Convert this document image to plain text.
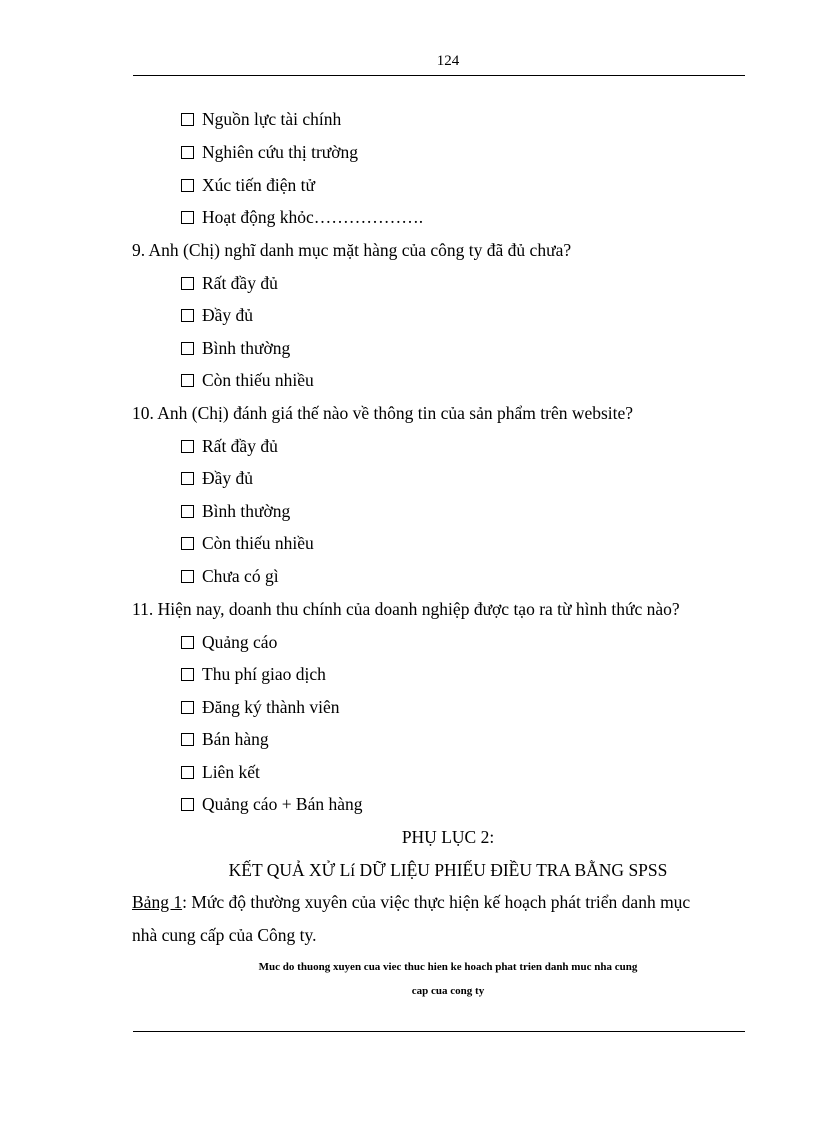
124
Nguồn lực tài chính
Nghiên cứu thị trường
Xúc tiến điện tử
Hoạt động khỏc……………….
9. Anh (Chị) nghĩ danh mục mặt hàng của công ty đã đủ chưa?
Rất đầy đủ
Đầy đủ
Bình thường
Còn thiếu nhiều
10. Anh (Chị) đánh giá thế nào về thông tin của sản phẩm trên website?
Rất đầy đủ
Đầy đủ
Bình thường
Còn thiếu nhiều
Chưa có gì
11. Hiện nay, doanh thu chính của doanh nghiệp được tạo ra từ hình thức nào?
Quảng cáo
Thu phí giao dịch
Đăng ký thành viên
Bán hàng
Liên kết
Quảng cáo + Bán hàng
PHỤ LỤC 2:
KẾT QUẢ XỬ Lí DỮ LIỆU PHIẾU ĐIỀU TRA BẰNG SPSS
Bảng 1: Mức độ thường xuyên của việc thực hiện kế hoạch phát triển danh mục
nhà cung cấp của Công ty.
Muc do thuong xuyen cua viec thuc hien ke hoach phat trien danh muc nha cung
cap cua cong ty
